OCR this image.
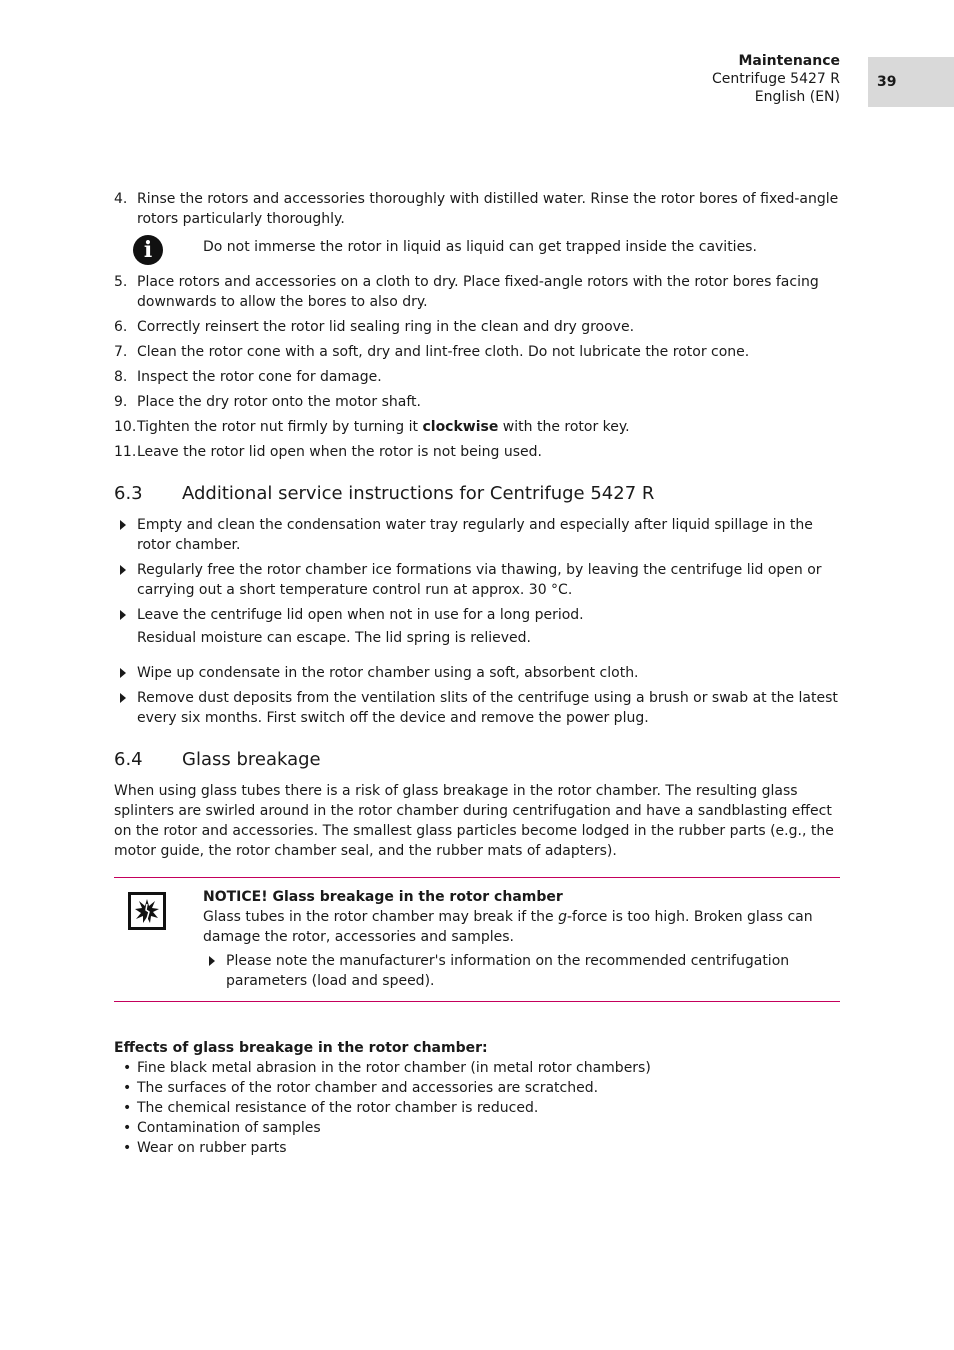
Maintenance
Centrifuge 5427 R
English (EN)
39
4. Rinse the rotors and accessories thoroughly with distilled water. Rinse the rotor bores of fixed-angle rotors particularly thoroughly.
i	Do not immerse the rotor in liquid as liquid can get trapped inside the cavities.
5. Place rotors and accessories on a cloth to dry. Place fixed-angle rotors with the rotor bores facing downwards to allow the bores to also dry.
6. Correctly reinsert the rotor lid sealing ring in the clean and dry groove.
7. Clean the rotor cone with a soft, dry and lint-free cloth. Do not lubricate the rotor cone.
8. Inspect the rotor cone for damage.
9. Place the dry rotor onto the motor shaft.
10. Tighten the rotor nut firmly by turning it clockwise with the rotor key.
11. Leave the rotor lid open when the rotor is not being used.
6.3 Additional service instructions for Centrifuge 5427 R
Empty and clean the condensation water tray regularly and especially after liquid spillage in the rotor chamber.
Regularly free the rotor chamber ice formations via thawing, by leaving the centrifuge lid open or carrying out a short temperature control run at approx. 30 °C.
Leave the centrifuge lid open when not in use for a long period.
Residual moisture can escape. The lid spring is relieved.
Wipe up condensate in the rotor chamber using a soft, absorbent cloth.
Remove dust deposits from the ventilation slits of the centrifuge using a brush or swab at the latest every six months. First switch off the device and remove the power plug.
6.4 Glass breakage

When using glass tubes there is a risk of glass breakage in the rotor chamber. The resulting glass splinters are swirled around in the rotor chamber during centrifugation and have a sandblasting effect on the rotor and accessories. The smallest glass particles become lodged in the rubber parts (e.g., the motor guide, the rotor chamber seal, and the rubber mats of adapters).

NOTICE! Glass breakage in the rotor chamber
Glass tubes in the rotor chamber may break if the g-force is too high. Broken glass can damage the rotor, accessories and samples.
Please note the manufacturer's information on the recommended centrifugation parameters (load and speed).
Effects of glass breakage in the rotor chamber:
• Fine black metal abrasion in the rotor chamber (in metal rotor chambers)
• The surfaces of the rotor chamber and accessories are scratched.
• The chemical resistance of the rotor chamber is reduced.
• Contamination of samples
• Wear on rubber parts
